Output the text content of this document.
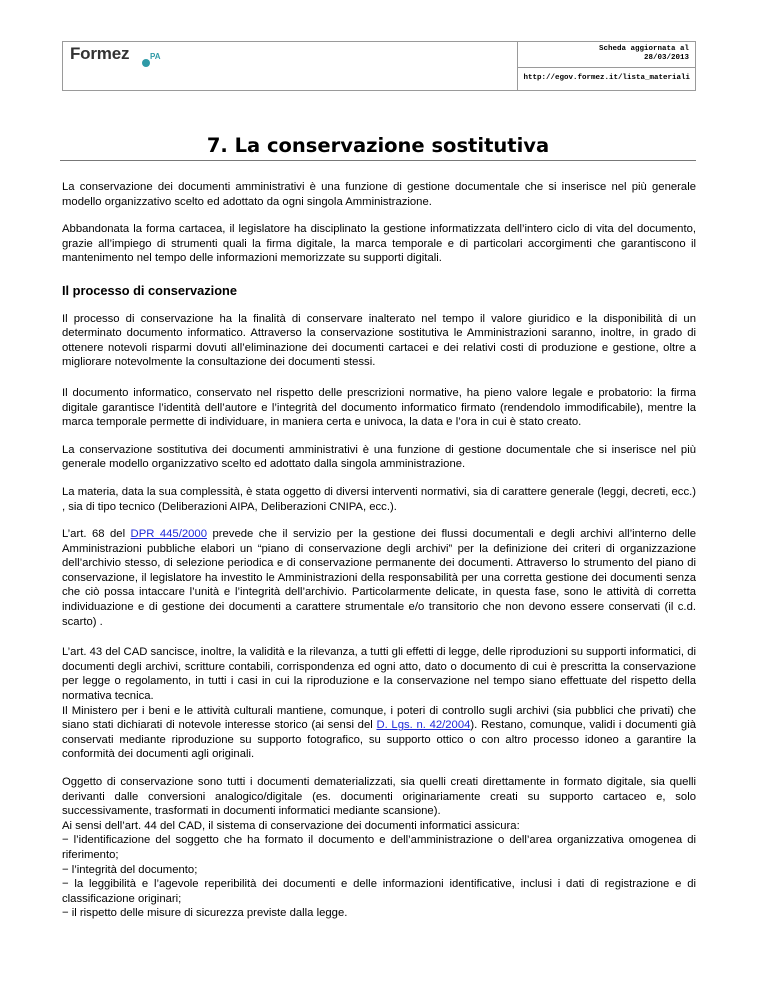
Formez	PA
Scheda aggiornata al
28/03/2013
http://egov.formez.it/lista_materiali
7. La conservazione sostitutiva

La conservazione dei documenti amministrativi è una funzione di gestione documentale che si inserisce nel più generale modello organizzativo scelto ed adottato da ogni singola Amministrazione.

Abbandonata la forma cartacea, il legislatore ha disciplinato la gestione informatizzata dell’intero ciclo di vita del documento, grazie all’impiego di strumenti quali la firma digitale, la marca temporale e di particolari accorgimenti che garantiscono il mantenimento nel tempo delle informazioni memorizzate su supporti digitali.

Il processo di conservazione

Il processo di conservazione ha la finalità di conservare inalterato nel tempo il valore giuridico e la disponibilità di un determinato documento informatico. Attraverso la conservazione sostitutiva le Amministrazioni saranno, inoltre, in grado di ottenere notevoli risparmi dovuti all’eliminazione dei documenti cartacei e dei relativi costi di produzione e gestione, oltre a migliorare notevolmente la consultazione dei documenti stessi.

Il documento informatico, conservato nel rispetto delle prescrizioni normative, ha pieno valore legale e probatorio: la firma digitale garantisce l’identità dell’autore e l’integrità del documento informatico firmato (rendendolo immodificabile), mentre la marca temporale permette di individuare, in maniera certa e univoca, la data e l’ora in cui è stato creato.

La conservazione sostitutiva dei documenti amministrativi è una funzione di gestione documentale che si inserisce nel più generale modello organizzativo scelto ed adottato dalla singola amministrazione.

La materia, data la sua complessità, è stata oggetto di diversi interventi normativi, sia di carattere generale (leggi, decreti, ecc.) , sia di tipo tecnico (Deliberazioni AIPA, Deliberazioni CNIPA, ecc.).

L’art. 68 del DPR 445/2000 prevede che il servizio per la gestione dei flussi documentali e degli archivi all’interno delle Amministrazioni pubbliche elabori un “piano di conservazione degli archivi” per la definizione dei criteri di organizzazione dell’archivio stesso, di selezione periodica e di conservazione permanente dei documenti. Attraverso lo strumento del piano di conservazione, il legislatore ha investito le Amministrazioni della responsabilità per una corretta gestione dei documenti senza che ciò possa intaccare l’unità e l’integrità dell’archivio. Particolarmente delicate, in questa fase, sono le attività di corretta individuazione e di gestione dei documenti a carattere strumentale e/o transitorio che non devono essere conservati (il c.d. scarto) .

L’art. 43 del CAD sancisce, inoltre, la validità e la rilevanza, a tutti gli effetti di legge, delle riproduzioni su supporti informatici, di documenti degli archivi, scritture contabili, corrispondenza ed ogni atto, dato o documento di cui è prescritta la conservazione per legge o regolamento, in tutti i casi in cui la riproduzione e la conservazione nel tempo siano effettuate del rispetto della normativa tecnica.

Il Ministero per i beni e le attività culturali mantiene, comunque, i poteri di controllo sugli archivi (sia pubblici che privati) che siano stati dichiarati di notevole interesse storico (ai sensi del D. Lgs. n. 42/2004). Restano, comunque, validi i documenti già conservati mediante riproduzione su supporto fotografico, su supporto ottico o con altro processo idoneo a garantire la conformità dei documenti agli originali.

Oggetto di conservazione sono tutti i documenti dematerializzati, sia quelli creati direttamente in formato digitale, sia quelli derivanti dalle conversioni analogico/digitale (es. documenti originariamente creati su supporto cartaceo e, solo successivamente, trasformati in documenti informatici mediante scansione).

Ai sensi dell’art. 44 del CAD, il sistema di conservazione dei documenti informatici assicura:

− l’identificazione del soggetto che ha formato il documento e dell’amministrazione o dell’area organizzativa omogenea di riferimento;
− l’integrità del documento;
− la leggibilità e l’agevole reperibilità dei documenti e delle informazioni identificative, inclusi i dati di registrazione e di classificazione originari;
− il rispetto delle misure di sicurezza previste dalla legge.
